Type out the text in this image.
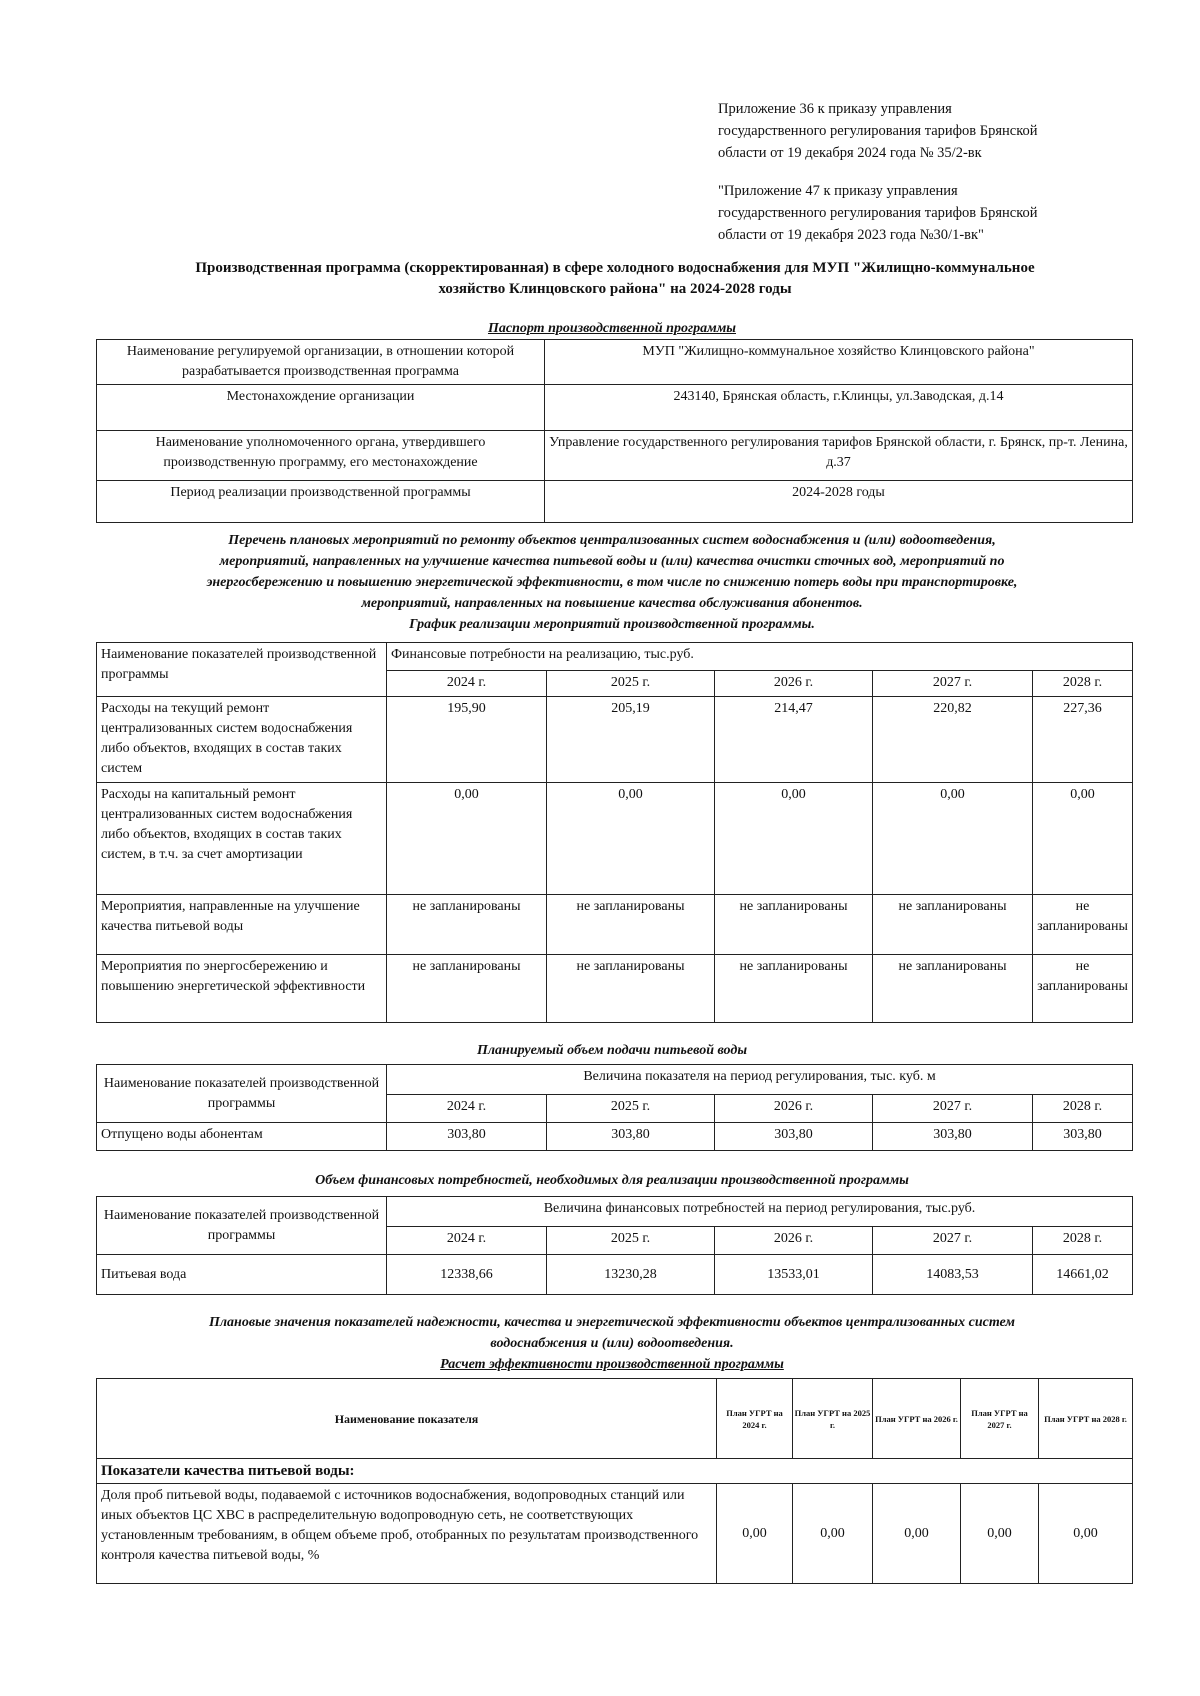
Приложение 36 к приказу управления
государственного регулирования тарифов Брянской
области от 19 декабря 2024 года № 35/2-вк
"Приложение 47 к приказу управления
государственного регулирования тарифов Брянской
области от 19 декабря 2023 года №30/1-вк"
Производственная программа (скорректированная) в сфере холодного водоснабжения для МУП "Жилищно-коммунальное
хозяйство Клинцовского района" на 2024-2028 годы
Паспорт производственной программы
Наименование регулируемой организации, в отношении которой разрабатывается производственная программа	МУП "Жилищно-коммунальное хозяйство Клинцовского района"
Местонахождение организации	243140, Брянская область, г.Клинцы, ул.Заводская, д.14
Наименование уполномоченного органа, утвердившего производственную программу, его местонахождение	Управление государственного регулирования тарифов Брянской области, г. Брянск, пр-т. Ленина, д.37
Период реализации производственной программы	2024-2028 годы
Перечень плановых мероприятий по ремонту объектов централизованных систем водоснабжения и (или) водоотведения,
мероприятий, направленных на улучшение качества питьевой воды и (или) качества очистки сточных вод, мероприятий по
энергосбережению и повышению энергетической эффективности, в том числе по снижению потерь воды при транспортировке,
мероприятий, направленных на повышение качества обслуживания абонентов.
График реализации мероприятий производственной программы.
Наименование показателей производственной программы	Финансовые потребности на реализацию, тыс.руб.				
	2024 г.	2025 г.	2026 г.	2027 г.	2028 г.
Расходы на текущий ремонт централизованных систем водоснабжения либо объектов, входящих в состав таких систем	195,90	205,19	214,47	220,82	227,36
Расходы на капитальный ремонт централизованных систем водоснабжения либо объектов, входящих в состав таких систем, в т.ч. за счет амортизации	0,00	0,00	0,00	0,00	0,00
Мероприятия, направленные на улучшение качества питьевой воды	не запланированы	не запланированы	не запланированы	не запланированы	не запланированы
Мероприятия по энергосбережению и повышению энергетической эффективности	не запланированы	не запланированы	не запланированы	не запланированы	не запланированы
Планируемый объем подачи питьевой воды
Наименование показателей производственной программы	Величина показателя на период регулирования, тыс. куб. м				
	2024 г.	2025 г.	2026 г.	2027 г.	2028 г.
Отпущено воды абонентам	303,80	303,80	303,80	303,80	303,80
Объем финансовых потребностей, необходимых для реализации производственной программы
Наименование показателей производственной программы	Величина финансовых потребностей на период регулирования, тыс.руб.				
	2024 г.	2025 г.	2026 г.	2027 г.	2028 г.
Питьевая вода	12338,66	13230,28	13533,01	14083,53	14661,02
Плановые значения показателей надежности, качества и энергетической эффективности объектов централизованных систем
водоснабжения и (или) водоотведения.
Расчет эффективности производственной программы
Наименование показателя	План УГРТ на 2024 г.	План УГРТ на 2025 г.	План УГРТ на 2026 г.	План УГРТ на 2027 г.	План УГРТ на 2028 г.
Показатели качества питьевой воды:					
Доля проб питьевой воды, подаваемой с источников водоснабжения, водопроводных станций или иных объектов ЦС ХВС в распределительную водопроводную сеть, не соответствующих установленным требованиям, в общем объеме проб, отобранных по результатам производственного контроля качества питьевой воды, %	0,00	0,00	0,00	0,00	0,00
